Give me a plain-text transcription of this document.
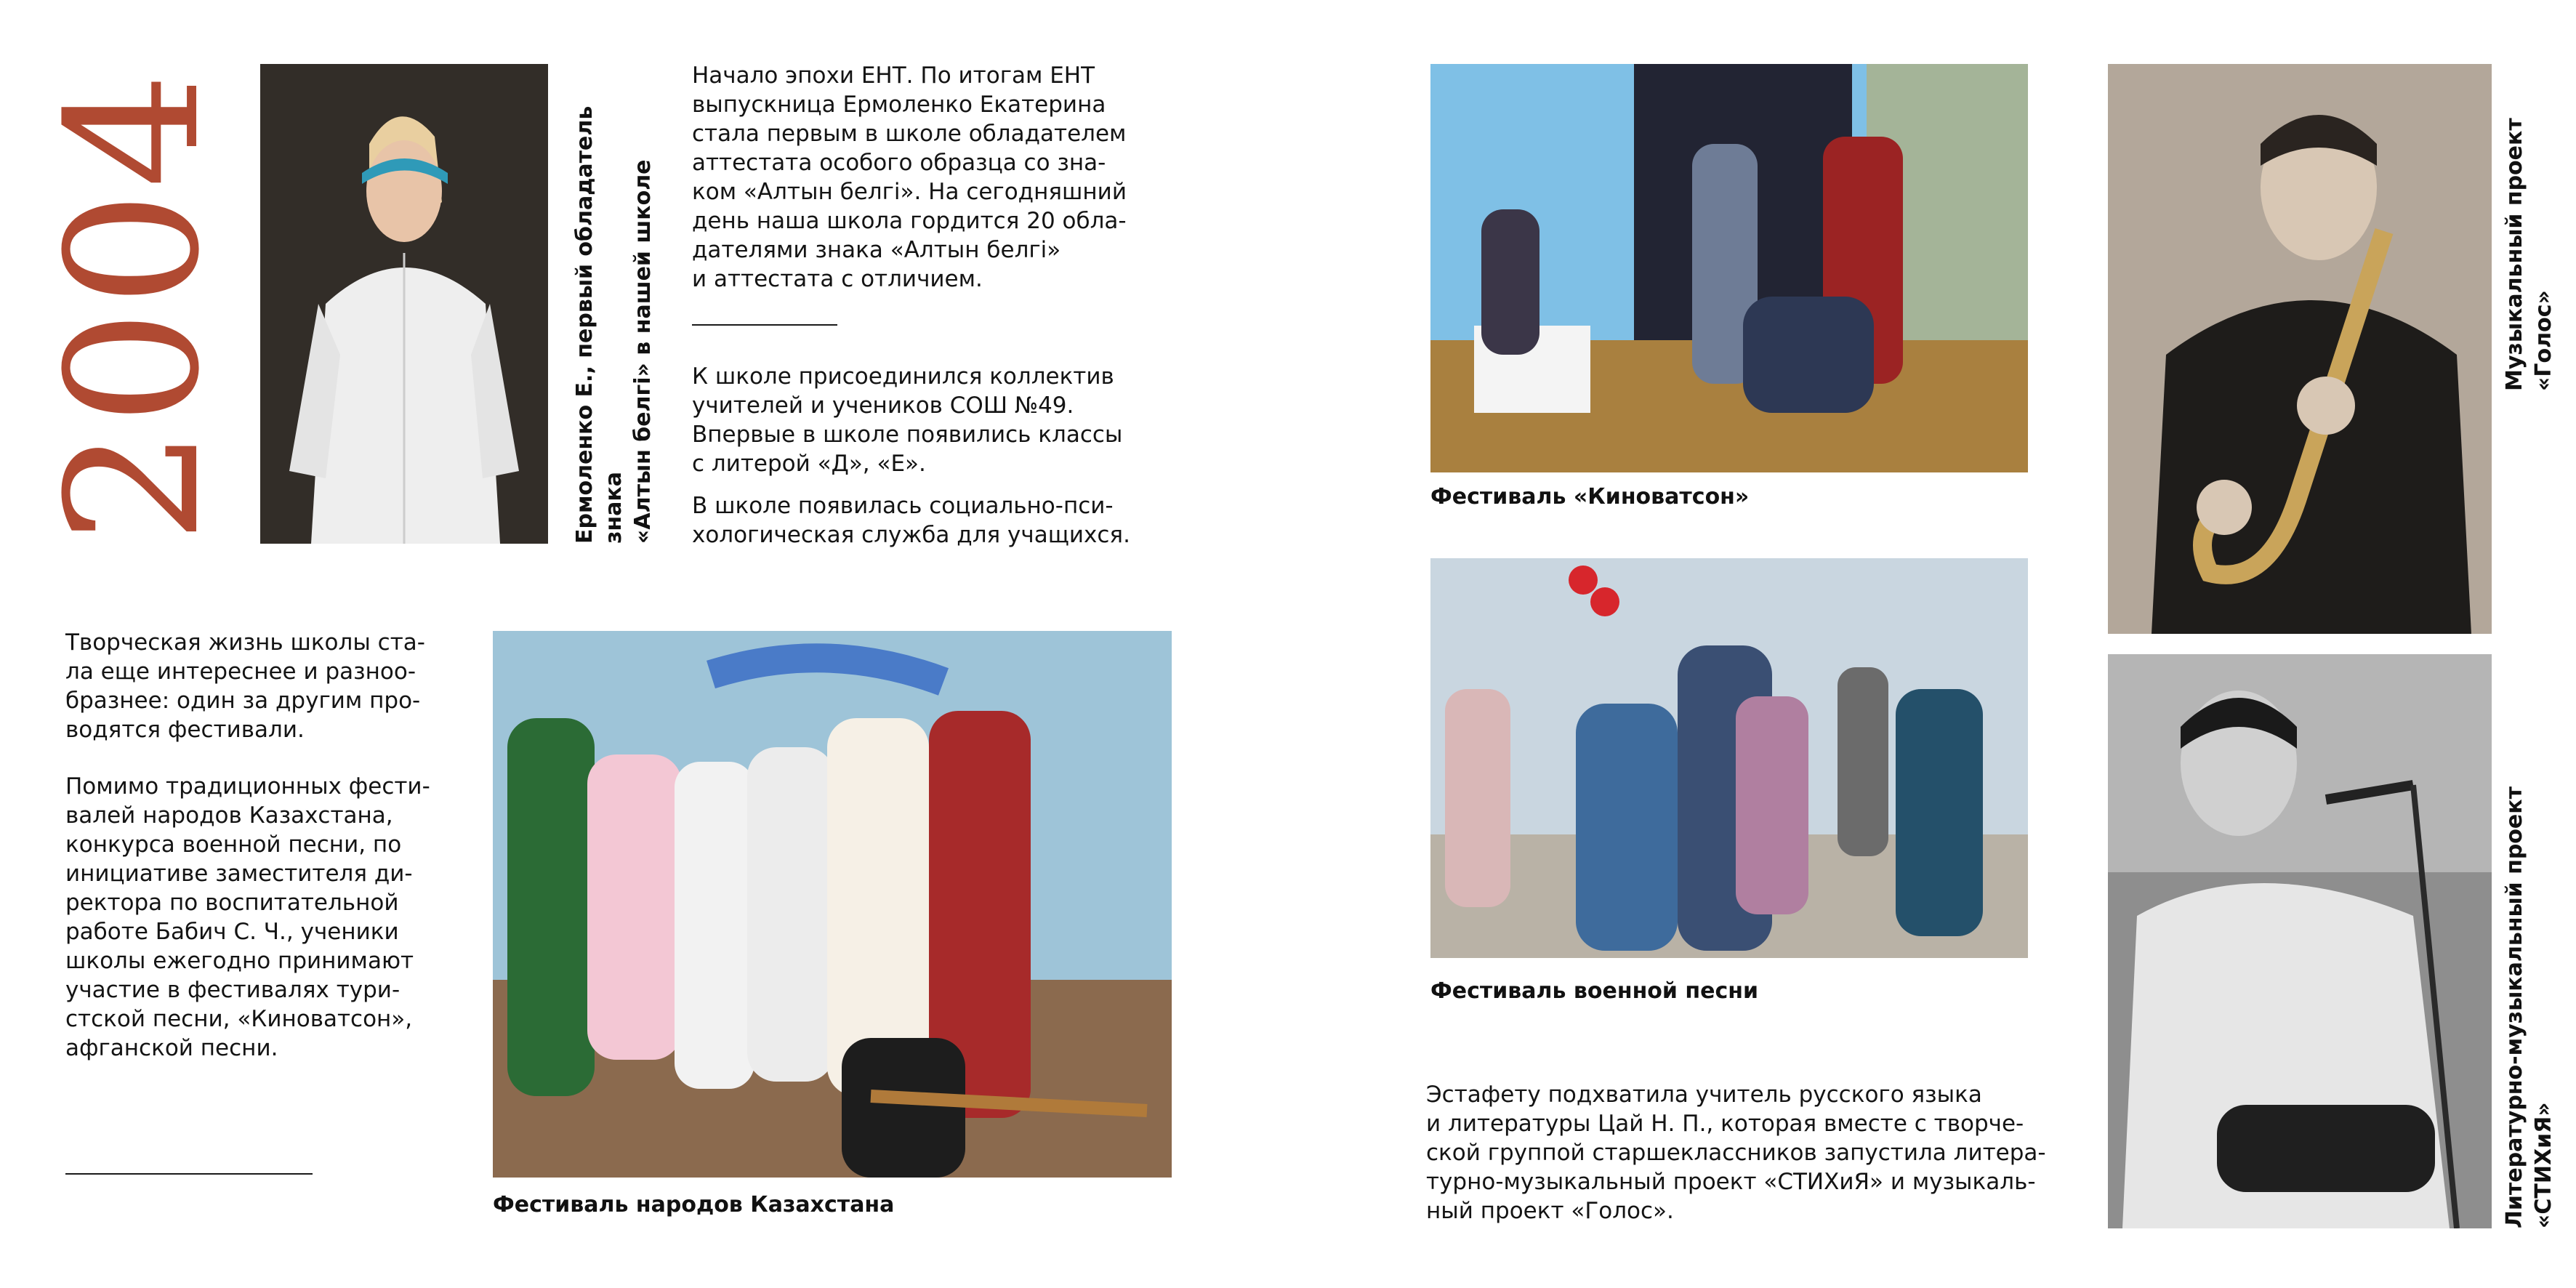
2004	Ермоленко Е., первый обладатель знака
«Алтын белгі» в нашей школе
Начало эпохи ЕНТ. По итогам ЕНТ
выпускница Ермоленко Екатерина
стала первым в школе обладателем
аттестата особого образца со зна-
ком «Алтын белгі». На сегодняшний
день наша школа гордится 20 обла-
дателями знака «Алтын белгі»
и аттестата с отличием.
К школе присоединился коллектив
учителей и учеников СОШ №49.
Впервые в школе появились классы
с литерой «Д», «Е».
В школе появилась социально-пси-
хологическая служба для учащихся.
Творческая жизнь школы ста-
ла еще интереснее и разноо-
бразнее: один за другим про-
водятся фестивали.
Помимо традиционных фести-
валей народов Казахстана,
конкурса военной песни, по
инициативе заместителя ди-
ректора по воспитательной
работе Бабич С. Ч., ученики
школы ежегодно принимают
участие в фестивалях тури-
стской песни, «Киноватсон»,
афганской песни.
Фестиваль народов Казахстана
Фестиваль «Киноватсон»
Фестиваль военной песни
Эстафету подхватила учитель русского языка
и литературы Цай Н. П., которая вместе с творче-
ской группой старшеклассников запустила литера-
турно-музыкальный проект «СТИХиЯ» и музыкаль-
ный проект «Голос».
Музыкальный проект «Голос»
Литературно-музыкальный проект «СТИХиЯ»
